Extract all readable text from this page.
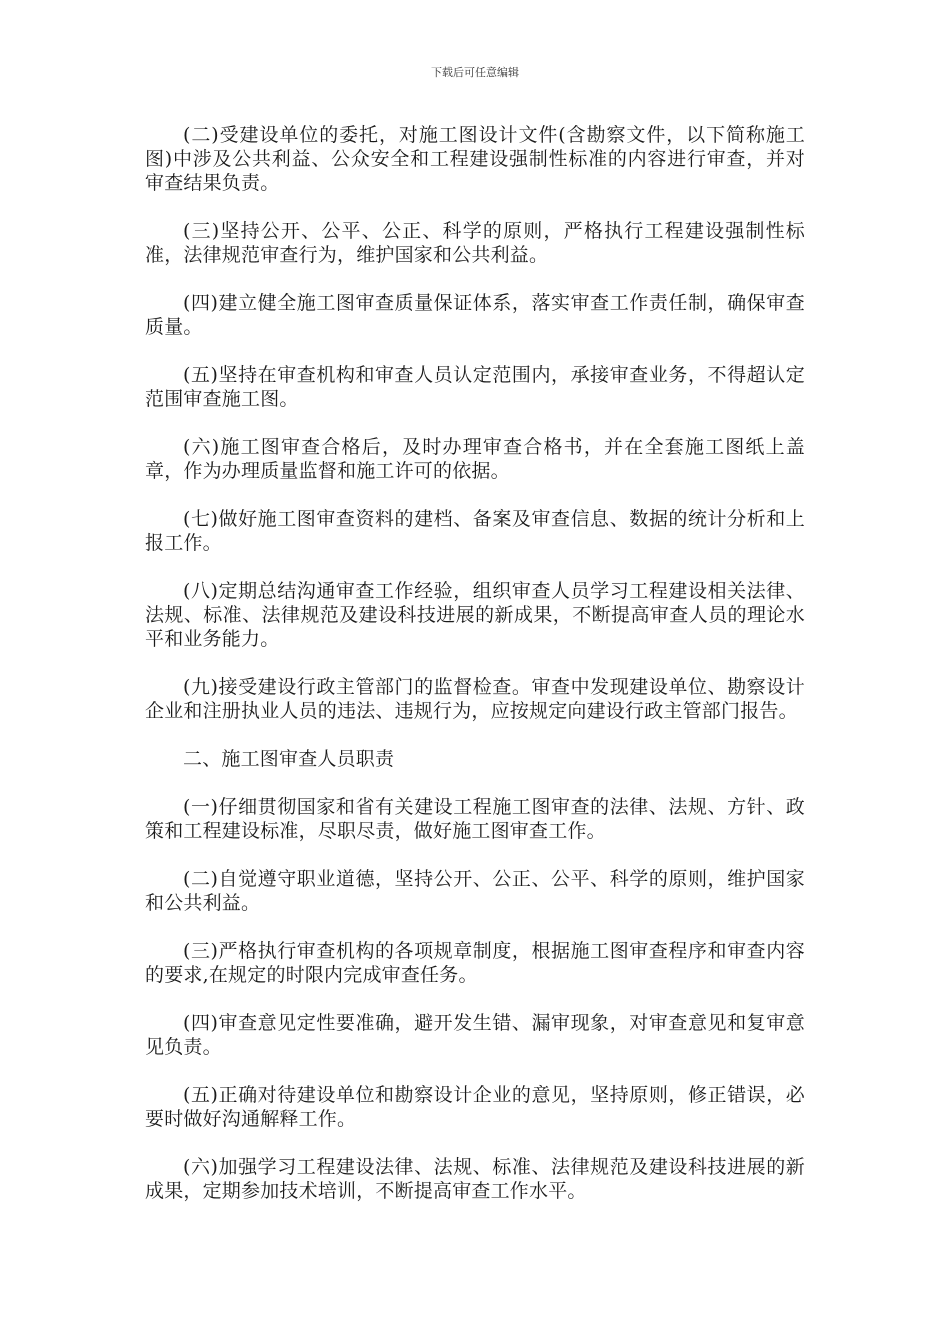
下载后可任意编辑

(二)受建设单位的委托，对施工图设计文件(含勘察文件，以下简称施工图)中涉及公共利益、公众安全和工程建设强制性标准的内容进行审查，并对审查结果负责。

(三)坚持公开、公平、公正、科学的原则，严格执行工程建设强制性标准，法律规范审查行为，维护国家和公共利益。

(四)建立健全施工图审查质量保证体系，落实审查工作责任制，确保审查质量。

(五)坚持在审查机构和审查人员认定范围内，承接审查业务，不得超认定范围审查施工图。

(六)施工图审查合格后，及时办理审查合格书，并在全套施工图纸上盖章，作为办理质量监督和施工许可的依据。

(七)做好施工图审查资料的建档、备案及审查信息、数据的统计分析和上报工作。

(八)定期总结沟通审查工作经验，组织审查人员学习工程建设相关法律、法规、标准、法律规范及建设科技进展的新成果，不断提高审查人员的理论水平和业务能力。

(九)接受建设行政主管部门的监督检查。审查中发现建设单位、勘察设计企业和注册执业人员的违法、违规行为，应按规定向建设行政主管部门报告。

二、施工图审查人员职责

(一)仔细贯彻国家和省有关建设工程施工图审查的法律、法规、方针、政策和工程建设标准，尽职尽责，做好施工图审查工作。

(二)自觉遵守职业道德，坚持公开、公正、公平、科学的原则，维护国家和公共利益。

(三)严格执行审查机构的各项规章制度，根据施工图审查程序和审查内容的要求,在规定的时限内完成审查任务。

(四)审查意见定性要准确，避开发生错、漏审现象，对审查意见和复审意见负责。

(五)正确对待建设单位和勘察设计企业的意见，坚持原则，修正错误，必要时做好沟通解释工作。

(六)加强学习工程建设法律、法规、标准、法律规范及建设科技进展的新成果，定期参加技术培训，不断提高审查工作水平。
